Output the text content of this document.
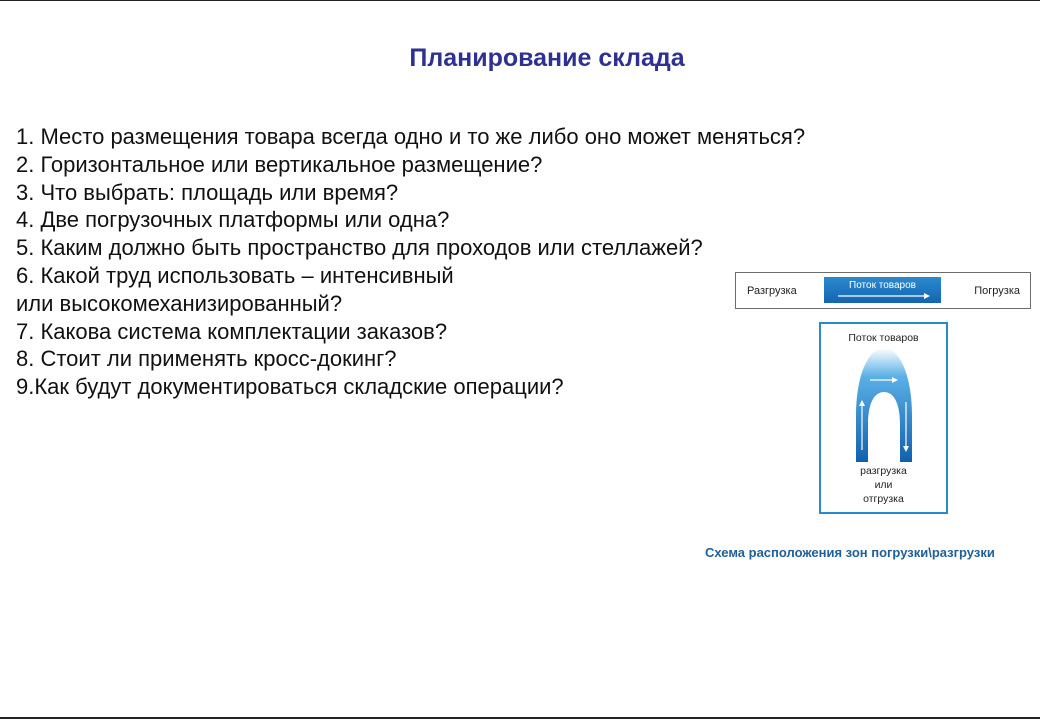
Планирование склада
1. Место размещения товара всегда одно и то же либо оно может меняться?
2. Горизонтальное или вертикальное размещение?
3. Что выбрать: площадь или время?
4. Две погрузочных платформы или одна?
5. Каким должно быть пространство для проходов или стеллажей?
6. Какой труд использовать – интенсивный
или высокомеханизированный?
7. Какова система комплектации заказов?
8. Стоит ли применять кросс-докинг?
9.Как будут документироваться складские операции?
Разгрузка	Поток товаров	Погрузка
Поток товаров
разгрузка
или
отгрузка
Схема расположения зон погрузки\разгрузки
